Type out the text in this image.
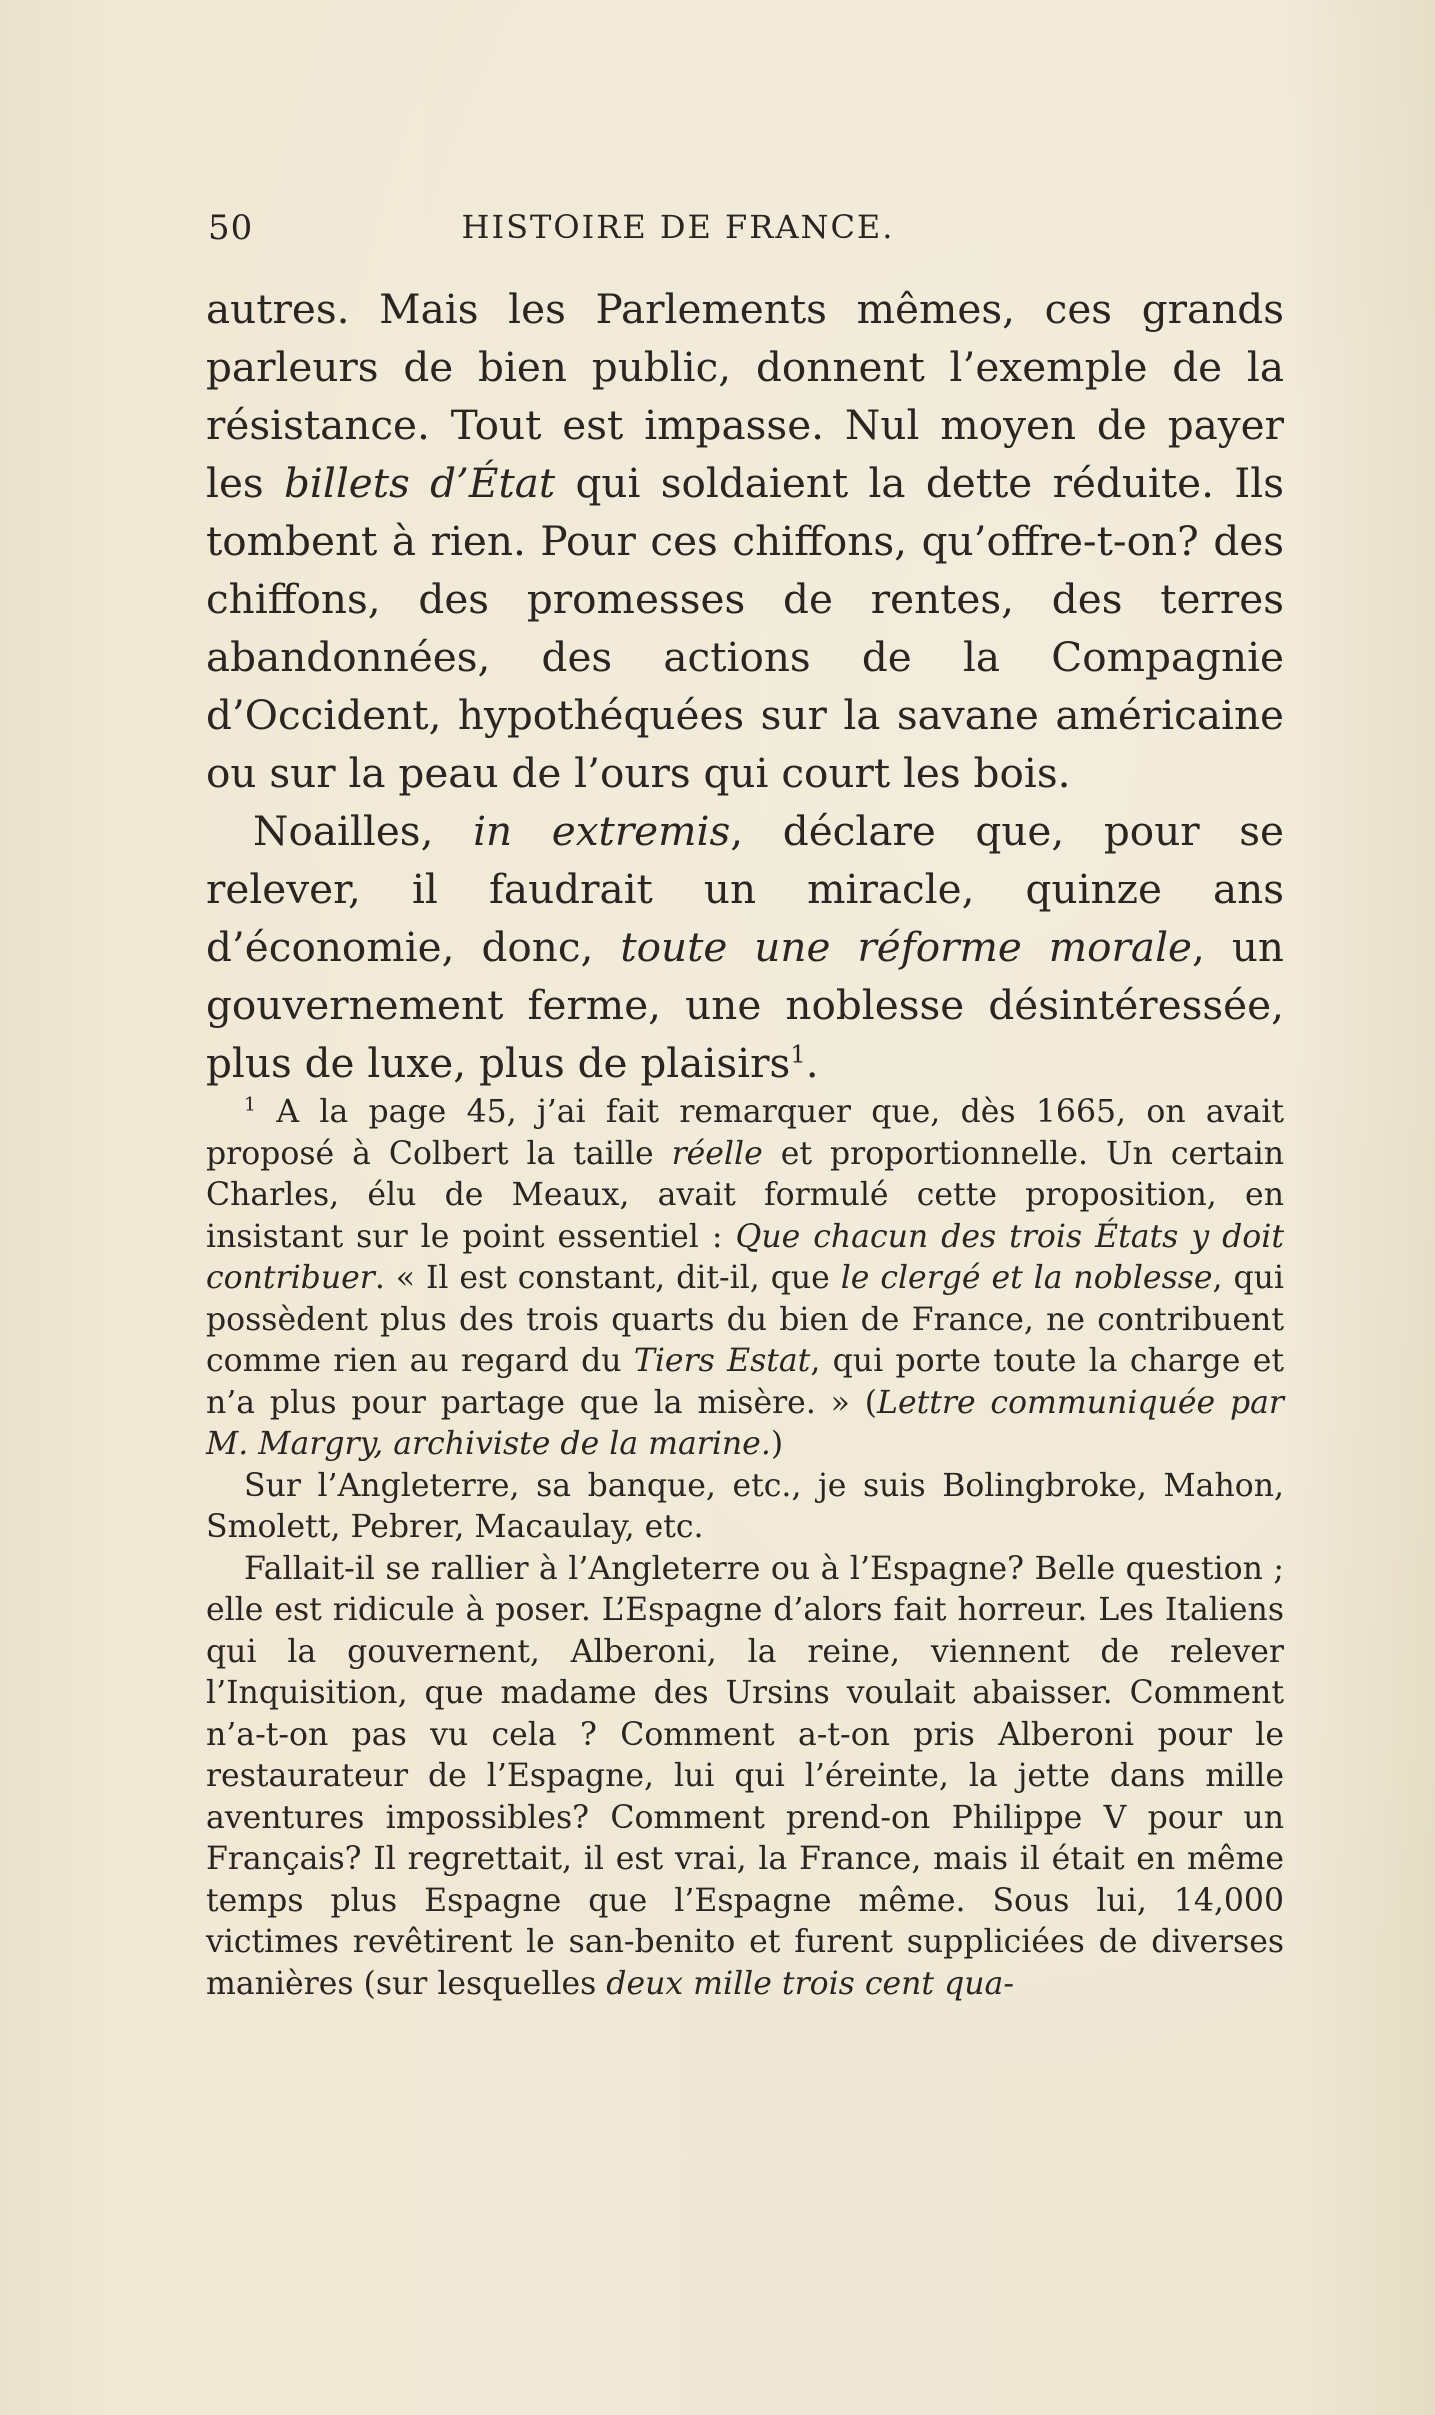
50	HISTOIRE DE FRANCE.

autres. Mais les Parlements mêmes, ces grands parleurs de bien public, donnent l’exemple de la résistance. Tout est impasse. Nul moyen de payer les billets d’État qui soldaient la dette réduite. Ils tombent à rien. Pour ces chiffons, qu’offre-t-on? des chiffons, des promesses de rentes, des terres abandonnées, des actions de la Compagnie d’Occident, hypothéquées sur la savane américaine ou sur la peau de l’ours qui court les bois.

Noailles, in extremis, déclare que, pour se relever, il faudrait un miracle, quinze ans d’économie, donc, toute une réforme morale, un gouvernement ferme, une noblesse désintéressée, plus de luxe, plus de plaisirs$^1$.

$^1$ A la page 45, j’ai fait remarquer que, dès 1665, on avait proposé à Colbert la taille réelle et proportionnelle. Un certain Charles, élu de Meaux, avait formulé cette proposition, en insistant sur le point essentiel : Que chacun des trois États y doit contribuer. « Il est constant, dit-il, que le clergé et la noblesse, qui possèdent plus des trois quarts du bien de France, ne contribuent comme rien au regard du Tiers Estat, qui porte toute la charge et n’a plus pour partage que la misère. » (Lettre communiquée par M. Margry, archiviste de la marine.)

Sur l’Angleterre, sa banque, etc., je suis Bolingbroke, Mahon, Smolett, Pebrer, Macaulay, etc.

Fallait-il se rallier à l’Angleterre ou à l’Espagne? Belle question ; elle est ridicule à poser. L’Espagne d’alors fait horreur. Les Italiens qui la gouvernent, Alberoni, la reine, viennent de relever l’Inquisition, que madame des Ursins voulait abaisser. Comment n’a-t-on pas vu cela ? Comment a-t-on pris Alberoni pour le restaurateur de l’Espagne, lui qui l’éreinte, la jette dans mille aventures impossibles? Comment prend-on Philippe V pour un Français? Il regrettait, il est vrai, la France, mais il était en même temps plus Espagne que l’Espagne même. Sous lui, 14,000 victimes revêtirent le san-benito et furent suppliciées de diverses manières (sur lesquelles deux mille trois cent qua-
